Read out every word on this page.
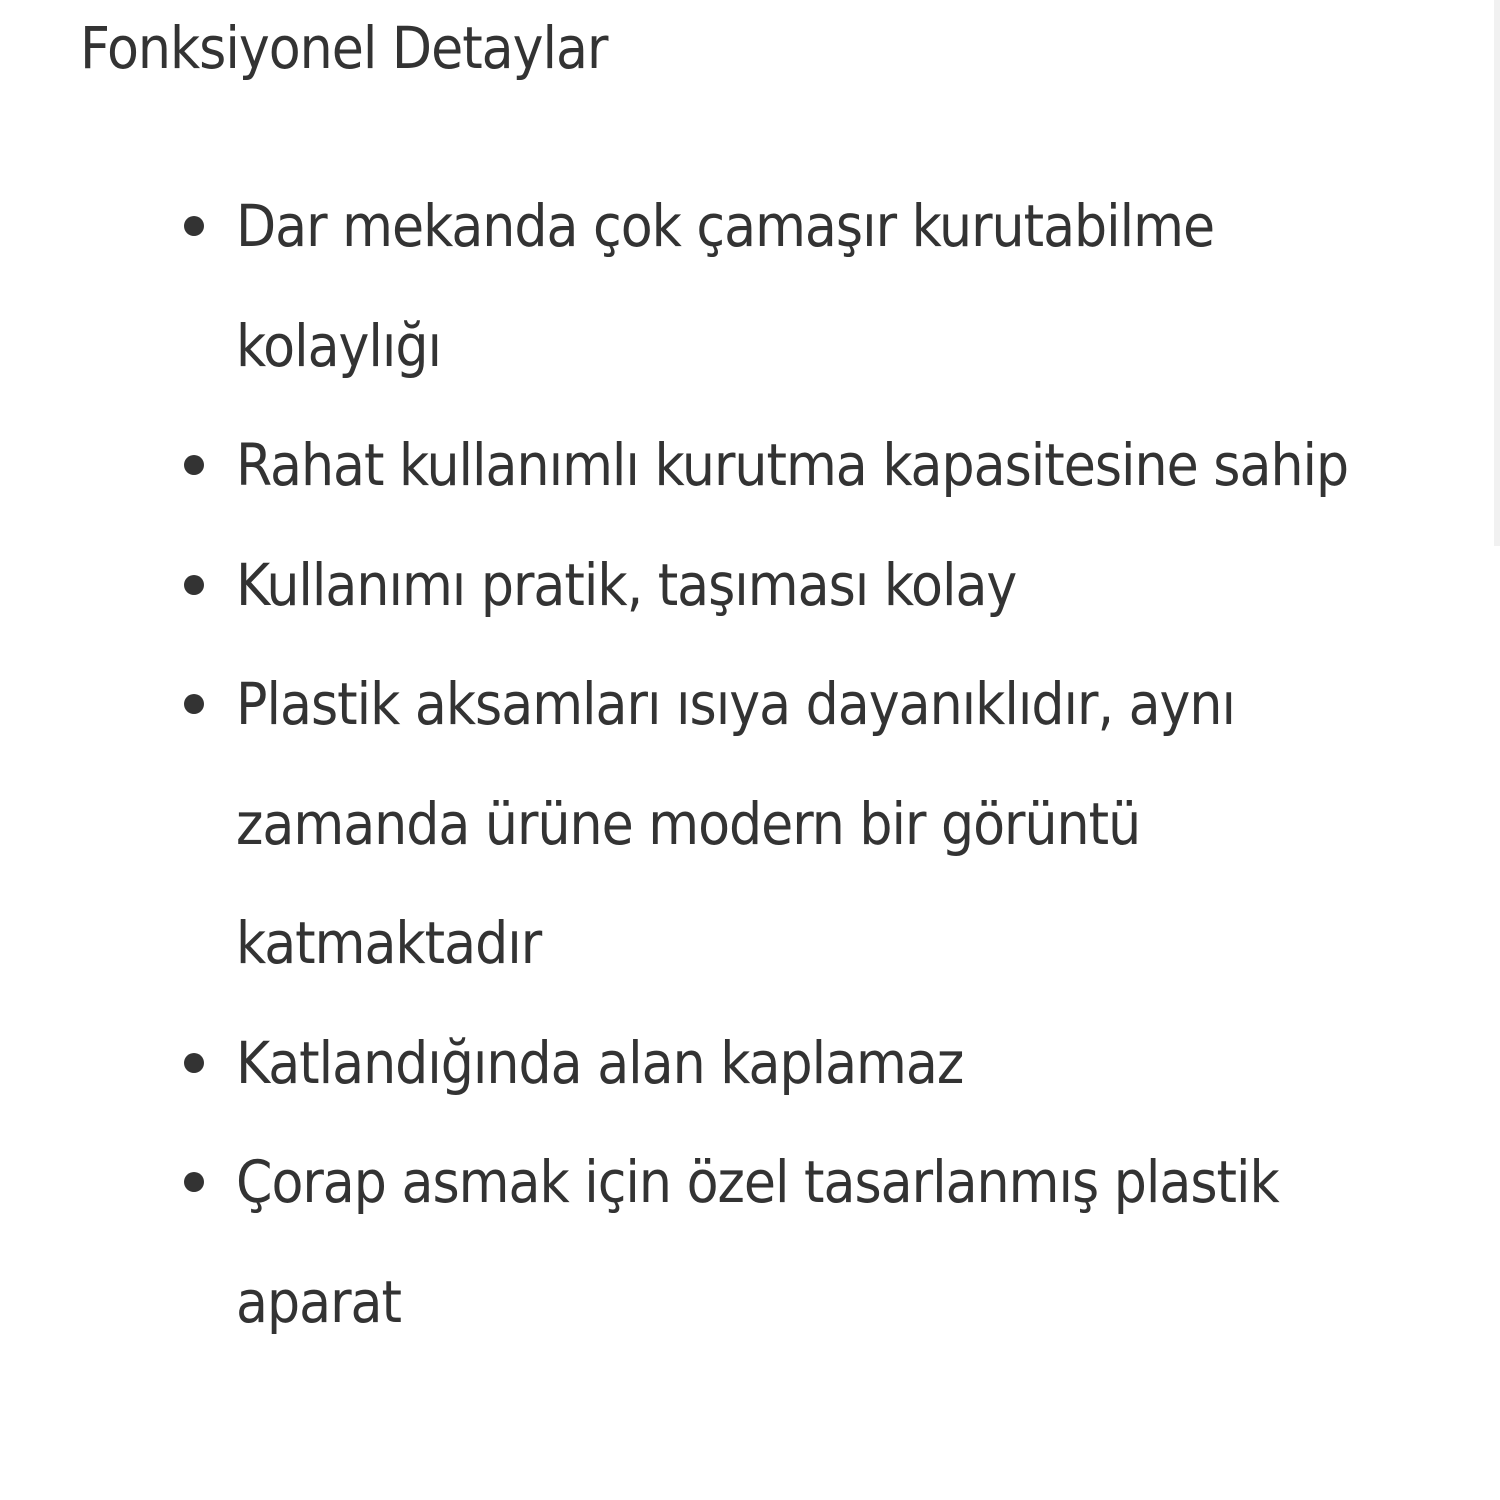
Fonksiyonel Detaylar
Dar mekanda çok çamaşır kurutabilme kolaylığı
Rahat kullanımlı kurutma kapasitesine sahip
Kullanımı pratik, taşıması kolay
Plastik aksamları ısıya dayanıklıdır, aynı zamanda ürüne modern bir görüntü katmaktadır
Katlandığında alan kaplamaz
Çorap asmak için özel tasarlanmış plastik aparat
